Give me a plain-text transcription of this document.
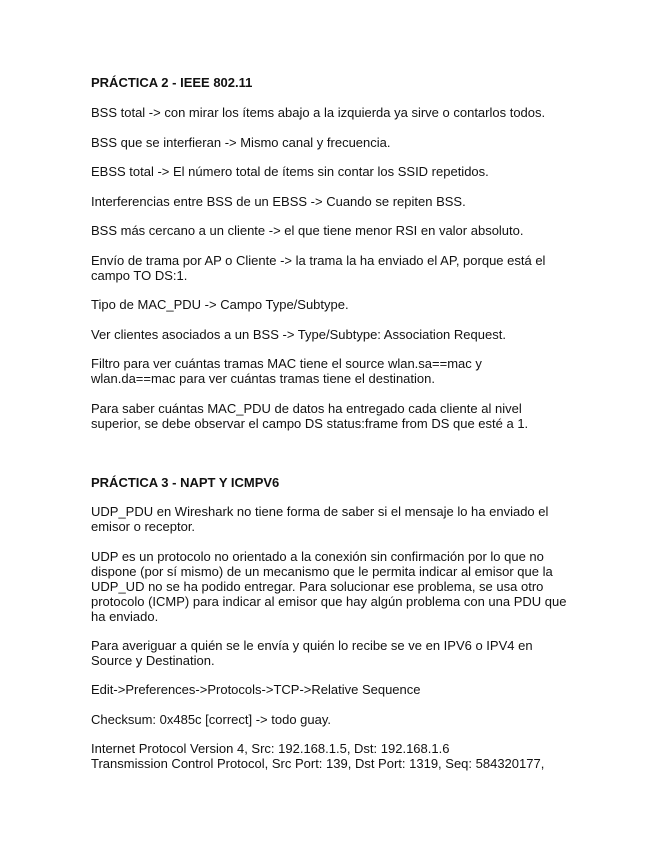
PRÁCTICA 2 - IEEE 802.11

BSS total -> con mirar los ítems abajo a la izquierda ya sirve o contarlos todos.

BSS que se interfieran -> Mismo canal y frecuencia.

EBSS total -> El número total de ítems sin contar los SSID repetidos.

Interferencias entre BSS de un EBSS -> Cuando se repiten BSS.

BSS más cercano a un cliente -> el que tiene menor RSI en valor absoluto.

Envío de trama por AP o Cliente -> la trama la ha enviado el AP, porque está el
campo TO DS:1.

Tipo de MAC_PDU -> Campo Type/Subtype.

Ver clientes asociados a un BSS -> Type/Subtype: Association Request.

Filtro para ver cuántas tramas MAC tiene el source wlan.sa==mac y
wlan.da==mac para ver cuántas tramas tiene el destination.

Para saber cuántas MAC_PDU de datos ha entregado cada cliente al nivel
superior, se debe observar el campo DS status:frame from DS que esté a 1.

PRÁCTICA 3 - NAPT Y ICMPV6

UDP_PDU en Wireshark no tiene forma de saber si el mensaje lo ha enviado el
emisor o receptor.

UDP es un protocolo no orientado a la conexión sin confirmación por lo que no
dispone (por sí mismo) de un mecanismo que le permita indicar al emisor que la
UDP_UD no se ha podido entregar. Para solucionar ese problema, se usa otro
protocolo (ICMP) para indicar al emisor que hay algún problema con una PDU que
ha enviado.

Para averiguar a quién se le envía y quién lo recibe se ve en IPV6 o IPV4 en
Source y Destination.

Edit->Preferences->Protocols->TCP->Relative Sequence

Checksum: 0x485c [correct] -> todo guay.

Internet Protocol Version 4, Src: 192.168.1.5, Dst: 192.168.1.6
Transmission Control Protocol, Src Port: 139, Dst Port: 1319, Seq: 584320177,
